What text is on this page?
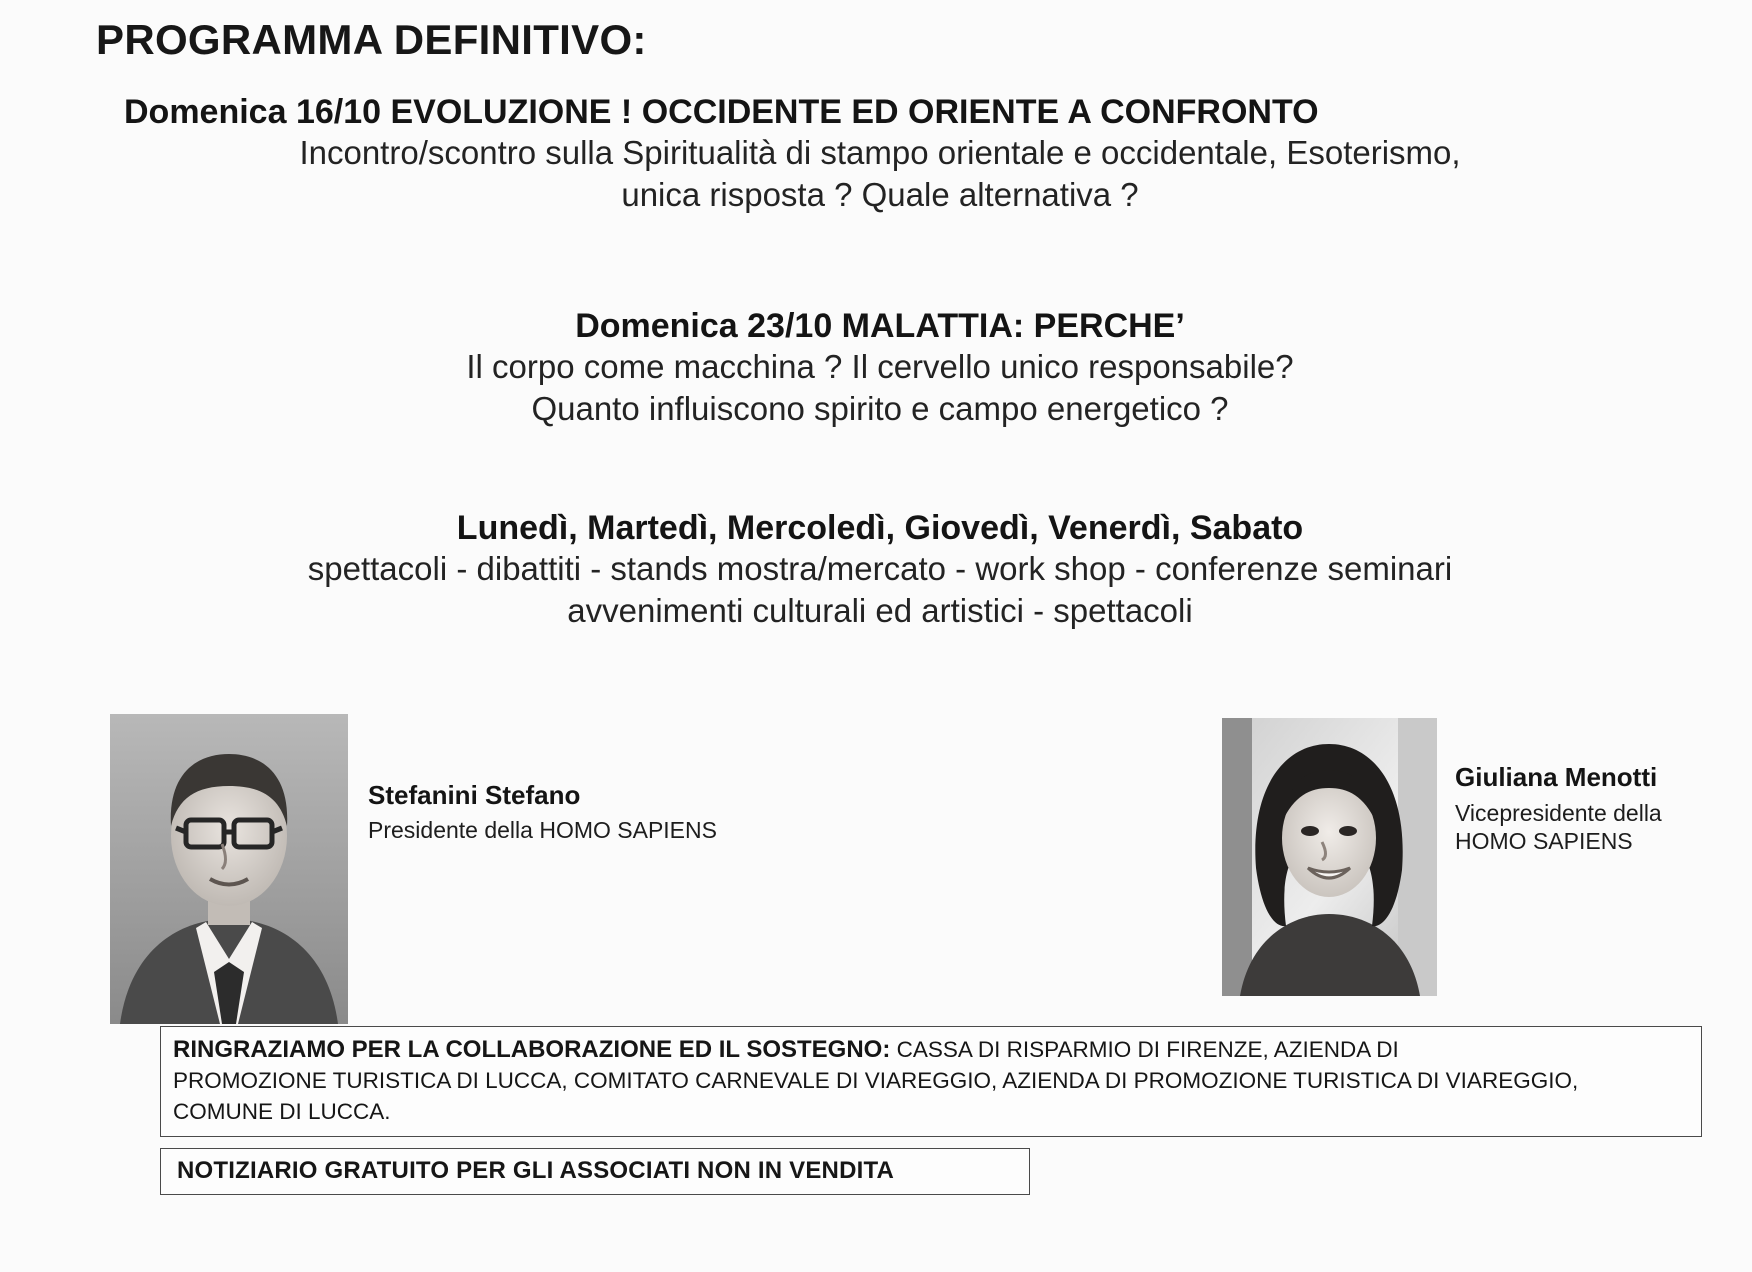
PROGRAMMA DEFINITIVO:
Domenica 16/10 EVOLUZIONE ! OCCIDENTE ED ORIENTE A CONFRONTO
Incontro/scontro sulla Spiritualità di stampo orientale e occidentale, Esoterismo,
unica risposta ? Quale alternativa ?
Domenica 23/10 MALATTIA: PERCHE’
Il corpo come macchina ? Il cervello unico responsabile?
Quanto influiscono spirito e campo energetico ?
Lunedì, Martedì, Mercoledì, Giovedì, Venerdì, Sabato
spettacoli - dibattiti - stands mostra/mercato - work shop - conferenze seminari
avvenimenti culturali ed artistici - spettacoli
Stefanini Stefano
Presidente della HOMO SAPIENS
Giuliana Menotti
Vicepresidente della
HOMO SAPIENS
RINGRAZIAMO PER LA COLLABORAZIONE ED IL SOSTEGNO: CASSA DI RISPARMIO DI FIRENZE, AZIENDA DI
PROMOZIONE TURISTICA DI LUCCA, COMITATO CARNEVALE DI VIAREGGIO, AZIENDA DI PROMOZIONE TURISTICA DI VIAREGGIO,
COMUNE DI LUCCA.
NOTIZIARIO GRATUITO PER GLI ASSOCIATI NON IN VENDITA
